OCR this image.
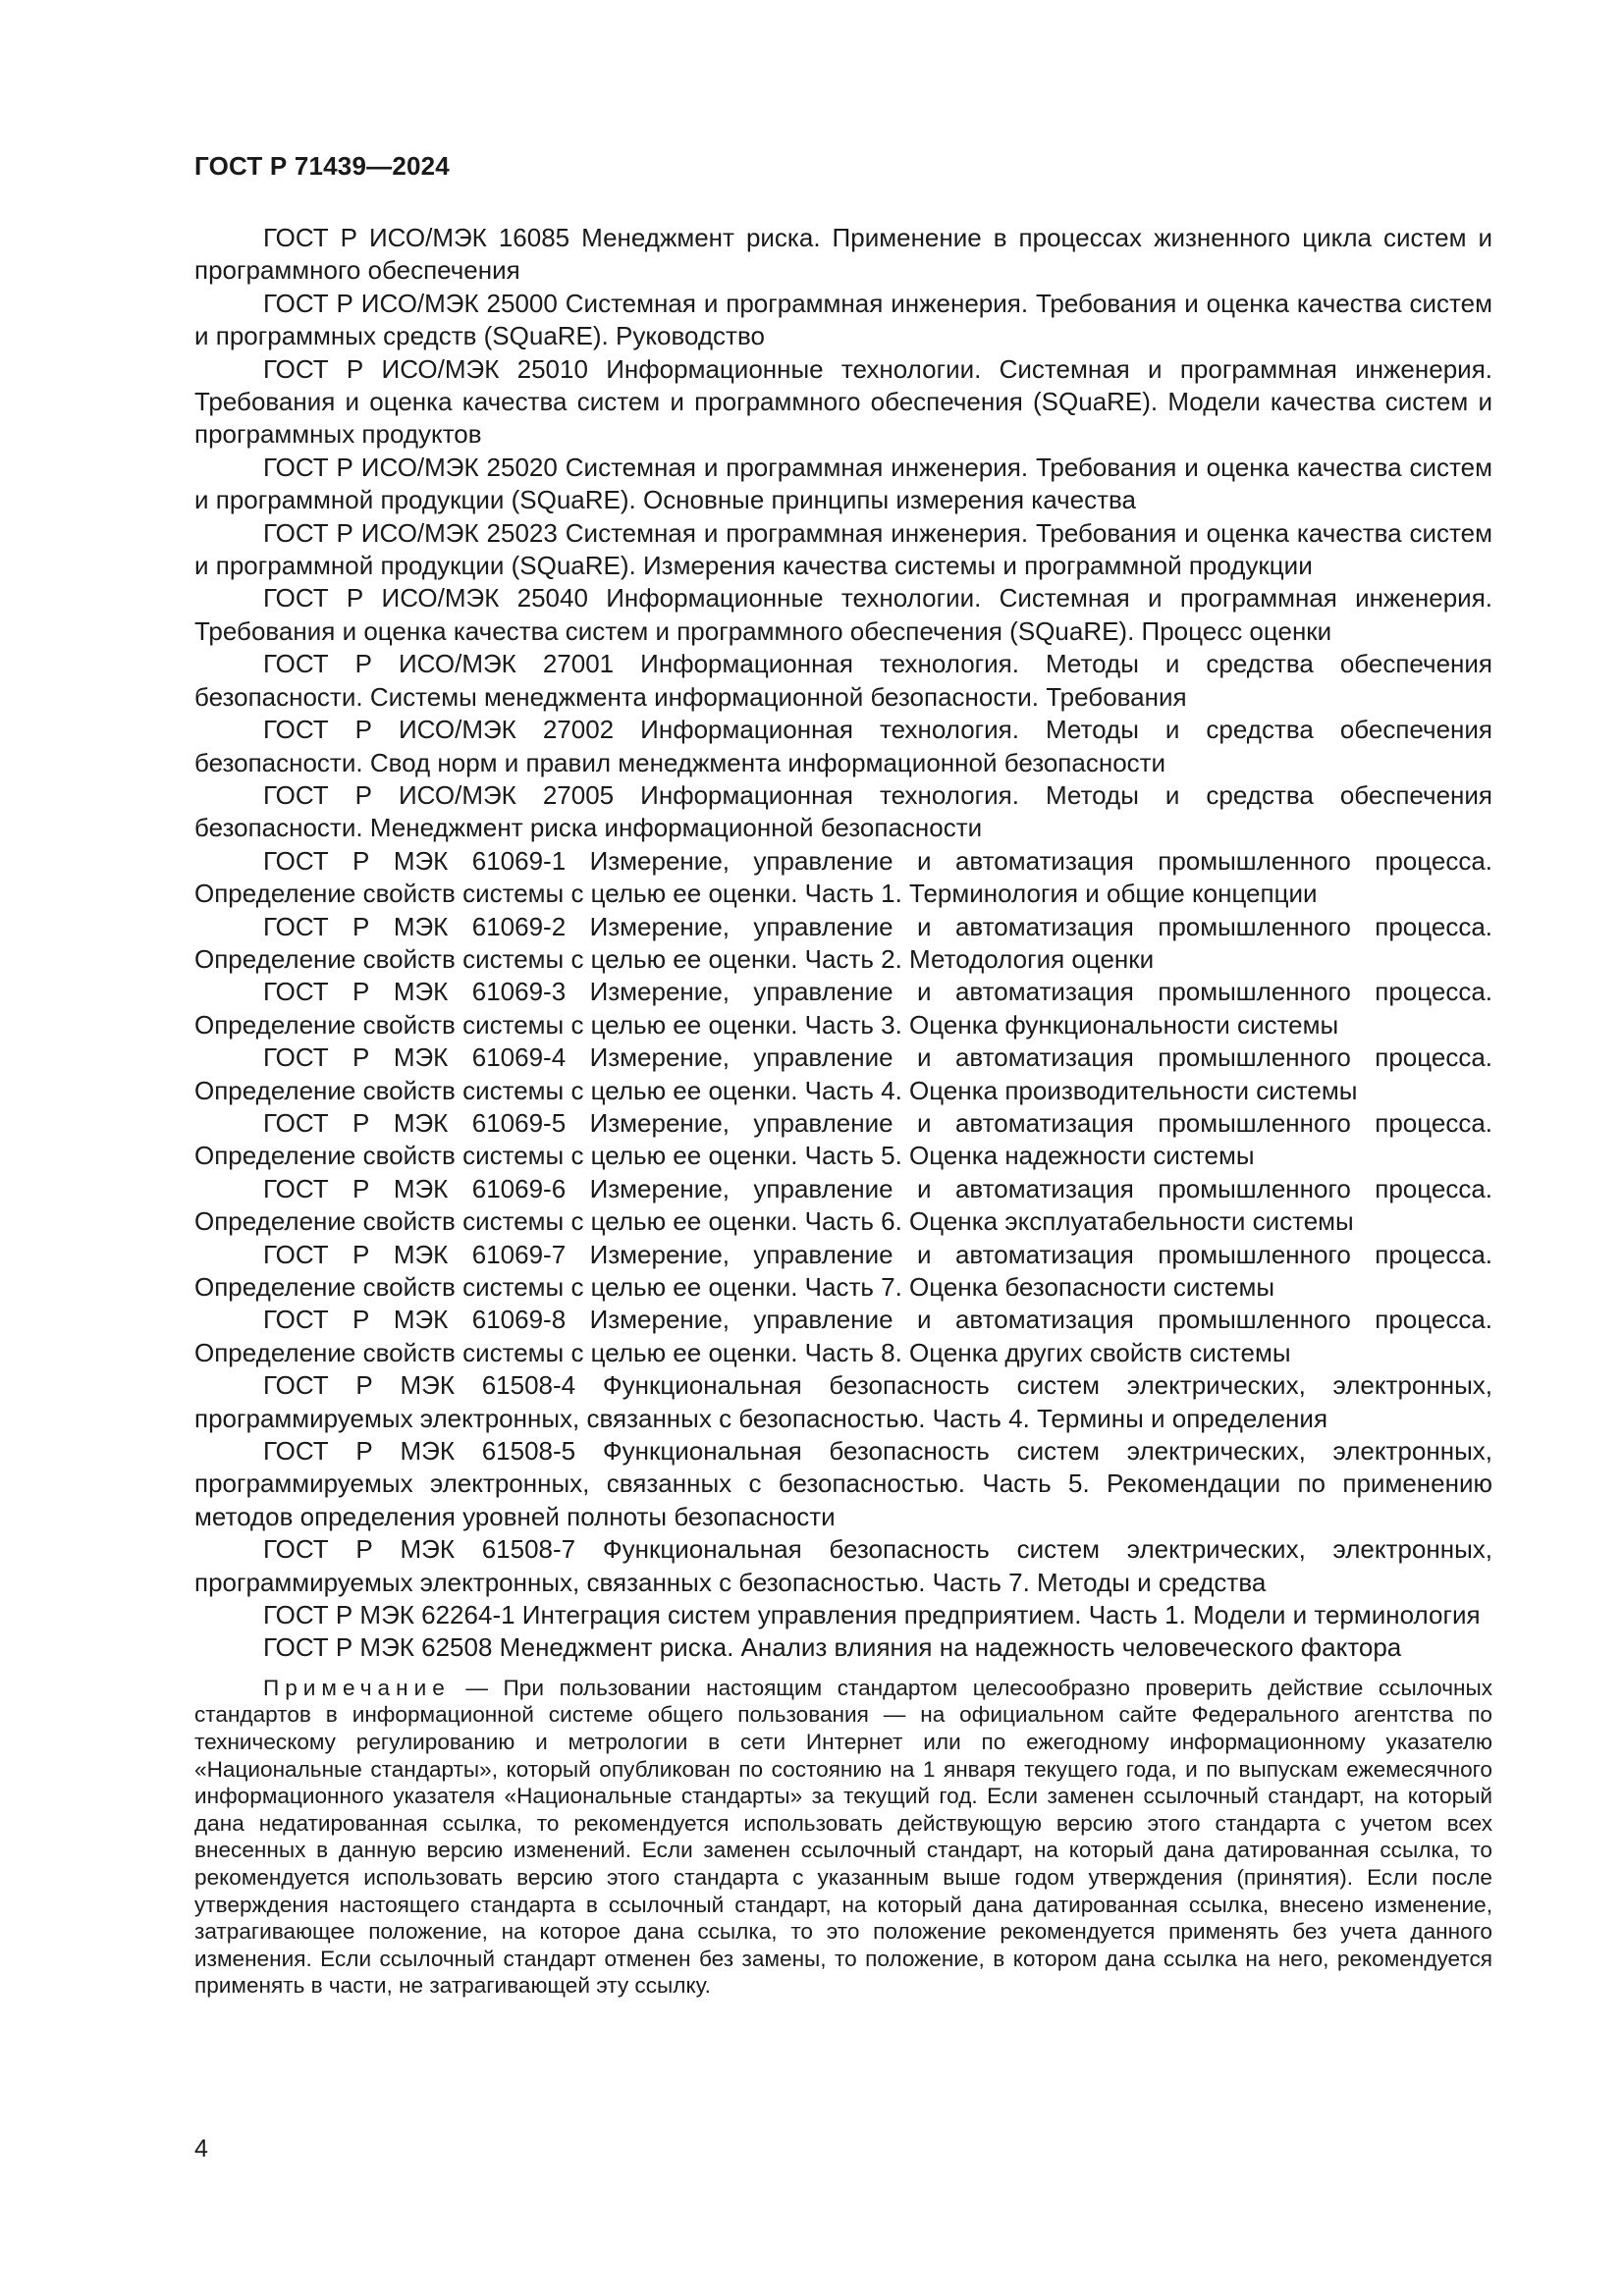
ГОСТ Р 71439—2024

ГОСТ Р ИСО/МЭК 16085 Менеджмент риска. Применение в процессах жизненного цикла систем и программного обеспечения

ГОСТ Р ИСО/МЭК 25000 Системная и программная инженерия. Требования и оценка качества систем и программных средств (SQuaRE). Руководство

ГОСТ Р ИСО/МЭК 25010 Информационные технологии. Системная и программная инженерия. Требования и оценка качества систем и программного обеспечения (SQuaRE). Модели качества систем и программных продуктов

ГОСТ Р ИСО/МЭК 25020 Системная и программная инженерия. Требования и оценка качества систем и программной продукции (SQuaRE). Основные принципы измерения качества

ГОСТ Р ИСО/МЭК 25023 Системная и программная инженерия. Требования и оценка качества систем и программной продукции (SQuaRE). Измерения качества системы и программной продукции

ГОСТ Р ИСО/МЭК 25040 Информационные технологии. Системная и программная инженерия. Требования и оценка качества систем и программного обеспечения (SQuaRE). Процесс оценки

ГОСТ Р ИСО/МЭК 27001 Информационная технология. Методы и средства обеспечения безопасности. Системы менеджмента информационной безопасности. Требования

ГОСТ Р ИСО/МЭК 27002 Информационная технология. Методы и средства обеспечения безопасности. Свод норм и правил менеджмента информационной безопасности

ГОСТ Р ИСО/МЭК 27005 Информационная технология. Методы и средства обеспечения безопасности. Менеджмент риска информационной безопасности

ГОСТ Р МЭК 61069-1 Измерение, управление и автоматизация промышленного процесса. Определение свойств системы с целью ее оценки. Часть 1. Терминология и общие концепции

ГОСТ Р МЭК 61069-2 Измерение, управление и автоматизация промышленного процесса. Определение свойств системы с целью ее оценки. Часть 2. Методология оценки

ГОСТ Р МЭК 61069-3 Измерение, управление и автоматизация промышленного процесса. Определение свойств системы с целью ее оценки. Часть 3. Оценка функциональности системы

ГОСТ Р МЭК 61069-4 Измерение, управление и автоматизация промышленного процесса. Определение свойств системы с целью ее оценки. Часть 4. Оценка производительности системы

ГОСТ Р МЭК 61069-5 Измерение, управление и автоматизация промышленного процесса. Определение свойств системы с целью ее оценки. Часть 5. Оценка надежности системы

ГОСТ Р МЭК 61069-6 Измерение, управление и автоматизация промышленного процесса. Определение свойств системы с целью ее оценки. Часть 6. Оценка эксплуатабельности системы

ГОСТ Р МЭК 61069-7 Измерение, управление и автоматизация промышленного процесса. Определение свойств системы с целью ее оценки. Часть 7. Оценка безопасности системы

ГОСТ Р МЭК 61069-8 Измерение, управление и автоматизация промышленного процесса. Определение свойств системы с целью ее оценки. Часть 8. Оценка других свойств системы

ГОСТ Р МЭК 61508-4 Функциональная безопасность систем электрических, электронных, программируемых электронных, связанных с безопасностью. Часть 4. Термины и определения

ГОСТ Р МЭК 61508-5 Функциональная безопасность систем электрических, электронных, программируемых электронных, связанных с безопасностью. Часть 5. Рекомендации по применению методов определения уровней полноты безопасности

ГОСТ Р МЭК 61508-7 Функциональная безопасность систем электрических, электронных, программируемых электронных, связанных с безопасностью. Часть 7. Методы и средства

ГОСТ Р МЭК 62264-1 Интеграция систем управления предприятием. Часть 1. Модели и терминология

ГОСТ Р МЭК 62508 Менеджмент риска. Анализ влияния на надежность человеческого фактора

Примечание — При пользовании настоящим стандартом целесообразно проверить действие ссылочных стандартов в информационной системе общего пользования — на официальном сайте Федерального агентства по техническому регулированию и метрологии в сети Интернет или по ежегодному информационному указателю «Национальные стандарты», который опубликован по состоянию на 1 января текущего года, и по выпускам ежемесячного информационного указателя «Национальные стандарты» за текущий год. Если заменен ссылочный стандарт, на который дана недатированная ссылка, то рекомендуется использовать действующую версию этого стандарта с учетом всех внесенных в данную версию изменений. Если заменен ссылочный стандарт, на который дана датированная ссылка, то рекомендуется использовать версию этого стандарта с указанным выше годом утверждения (принятия). Если после утверждения настоящего стандарта в ссылочный стандарт, на который дана датированная ссылка, внесено изменение, затрагивающее положение, на которое дана ссылка, то это положение рекомендуется применять без учета данного изменения. Если ссылочный стандарт отменен без замены, то положение, в котором дана ссылка на него, рекомендуется применять в части, не затрагивающей эту ссылку.

4
